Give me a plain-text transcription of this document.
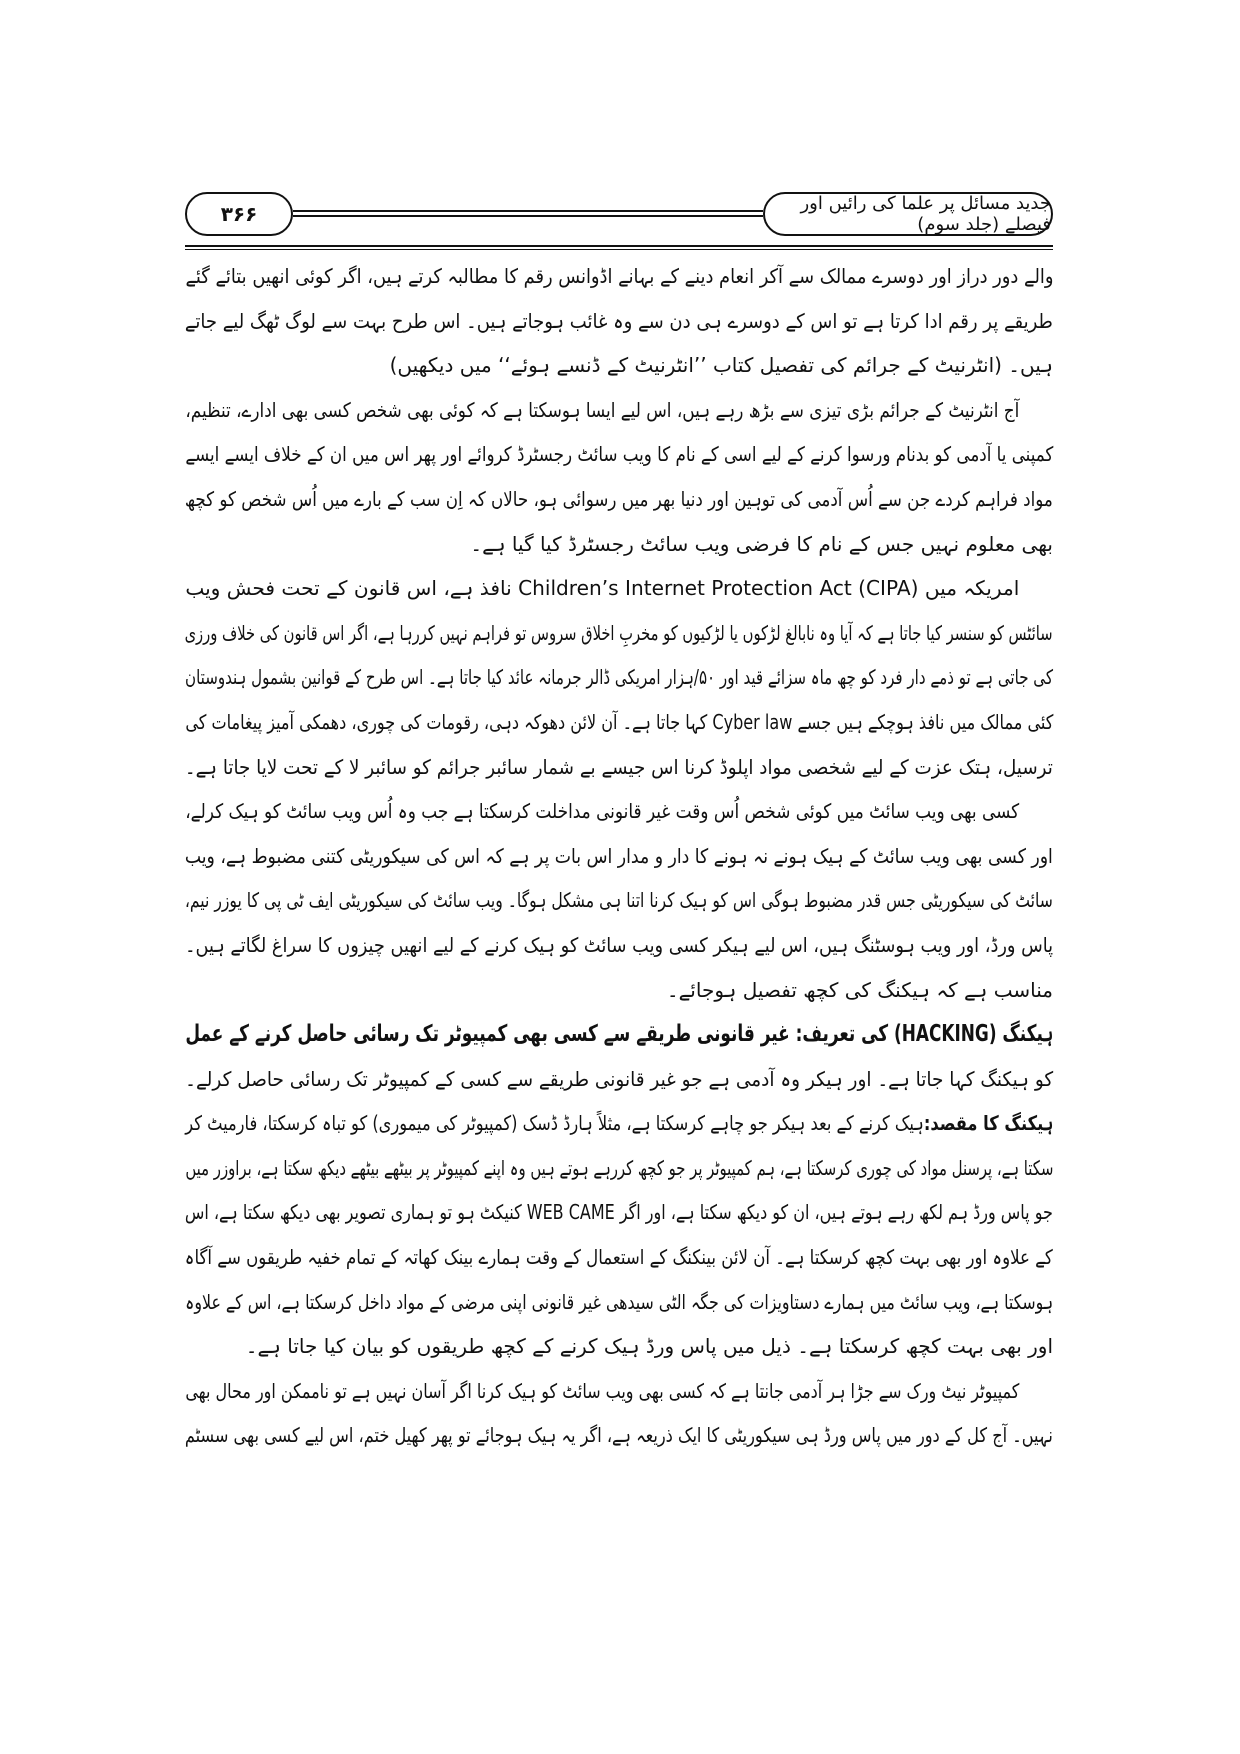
جدید مسائل پر علما کی رائیں اور فیصلے (جلد سوم)
۳۶۶
والے دور دراز اور دوسرے ممالک سے آکر انعام دینے کے بہانے اڈوانس رقم کا مطالبہ کرتے ہیں، اگر کوئی انھیں بتائے گئے
طریقے پر رقم ادا کرتا ہے تو اس کے دوسرے ہی دن سے وہ غائب ہوجاتے ہیں۔ اس طرح بہت سے لوگ ٹھگ لیے جاتے
ہیں۔ (انٹرنیٹ کے جرائم کی تفصیل کتاب ’’انٹرنیٹ کے ڈنسے ہوئے‘‘ میں دیکھیں)
آج انٹرنیٹ کے جرائم بڑی تیزی سے بڑھ رہے ہیں، اس لیے ایسا ہوسکتا ہے کہ کوئی بھی شخص کسی بھی ادارے، تنظیم،
کمپنی یا آدمی کو بدنام ورسوا کرنے کے لیے اسی کے نام کا ویب سائٹ رجسٹرڈ کروائے اور پھر اس میں ان کے خلاف ایسے ایسے
مواد فراہم کردے جن سے اُس آدمی کی توہین اور دنیا بھر میں رسوائی ہو، حالاں کہ اِن سب کے بارے میں اُس شخص کو کچھ
بھی معلوم نہیں جس کے نام کا فرضی ویب سائٹ رجسٹرڈ کیا گیا ہے۔
امریکہ میں Children’s Internet Protection Act (CIPA) نافذ ہے، اس قانون کے تحت فحش ویب
سائٹس کو سنسر کیا جاتا ہے کہ آیا وہ نابالغ لڑکوں یا لڑکیوں کو مخربِ اخلاق سروس تو فراہم نہیں کررہا ہے، اگر اس قانون کی خلاف ورزی
کی جاتی ہے تو ذمے دار فرد کو چھ ماہ سزائے قید اور ۵۰/ہزار امریکی ڈالر جرمانہ عائد کیا جاتا ہے۔ اس طرح کے قوانین بشمول ہندوستان
کئی ممالک میں نافذ ہوچکے ہیں جسے Cyber law کہا جاتا ہے۔ آن لائن دھوکہ دہی، رقومات کی چوری، دھمکی آمیز پیغامات کی
ترسیل، ہتک عزت کے لیے شخصی مواد اپلوڈ کرنا اس جیسے بے شمار سائبر جرائم کو سائبر لا کے تحت لایا جاتا ہے۔
کسی بھی ویب سائٹ میں کوئی شخص اُس وقت غیر قانونی مداخلت کرسکتا ہے جب وہ اُس ویب سائٹ کو ہیک کرلے،
اور کسی بھی ویب سائٹ کے ہیک ہونے نہ ہونے کا دار و مدار اس بات پر ہے کہ اس کی سیکوریٹی کتنی مضبوط ہے، ویب
سائٹ کی سیکوریٹی جس قدر مضبوط ہوگی اس کو ہیک کرنا اتنا ہی مشکل ہوگا۔ ویب سائٹ کی سیکوریٹی ایف ٹی پی کا یوزر نیم،
پاس ورڈ، اور ویب ہوسٹنگ ہیں، اس لیے ہیکر کسی ویب سائٹ کو ہیک کرنے کے لیے انھیں چیزوں کا سراغ لگاتے ہیں۔
مناسب ہے کہ ہیکنگ کی کچھ تفصیل ہوجائے۔
ہیکنگ (HACKING) کی تعریف: غیر قانونی طریقے سے کسی بھی کمپیوٹر تک رسائی حاصل کرنے کے عمل
کو ہیکنگ کہا جاتا ہے۔ اور ہیکر وہ آدمی ہے جو غیر قانونی طریقے سے کسی کے کمپیوٹر تک رسائی حاصل کرلے۔
ہیکنگ کا مقصد:ہیک کرنے کے بعد ہیکر جو چاہے کرسکتا ہے، مثلاً ہارڈ ڈسک (کمپیوٹر کی میموری) کو تباہ کرسکتا، فارمیٹ کر
سکتا ہے، پرسنل مواد کی چوری کرسکتا ہے، ہم کمپیوٹر پر جو کچھ کررہے ہوتے ہیں وہ اپنے کمپیوٹر پر بیٹھے بیٹھے دیکھ سکتا ہے، براوزر میں
جو پاس ورڈ ہم لکھ رہے ہوتے ہیں، ان کو دیکھ سکتا ہے، اور اگر WEB CAME کنیکٹ ہو تو ہماری تصویر بھی دیکھ سکتا ہے، اس
کے علاوہ اور بھی بہت کچھ کرسکتا ہے۔ آن لائن بینکنگ کے استعمال کے وقت ہمارے بینک کھاتہ کے تمام خفیہ طریقوں سے آگاہ
ہوسکتا ہے، ویب سائٹ میں ہمارے دستاویزات کی جگہ الٹی سیدھی غیر قانونی اپنی مرضی کے مواد داخل کرسکتا ہے، اس کے علاوہ
اور بھی بہت کچھ کرسکتا ہے۔ ذیل میں پاس ورڈ ہیک کرنے کے کچھ طریقوں کو بیان کیا جاتا ہے۔
کمپیوٹر نیٹ ورک سے جڑا ہر آدمی جانتا ہے کہ کسی بھی ویب سائٹ کو ہیک کرنا اگر آسان نہیں ہے تو ناممکن اور محال بھی
نہیں۔ آج کل کے دور میں پاس ورڈ ہی سیکوریٹی کا ایک ذریعہ ہے، اگر یہ ہیک ہوجائے تو پھر کھیل ختم، اس لیے کسی بھی سسٹم
